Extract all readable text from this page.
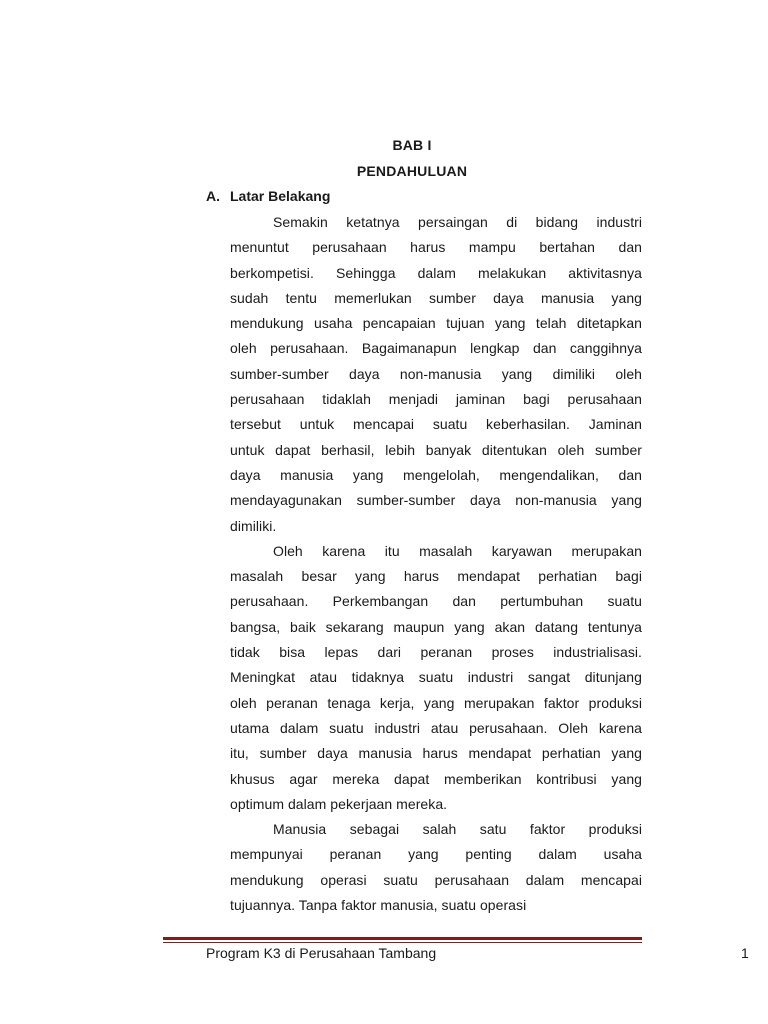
BAB I
PENDAHULUAN
A. Latar Belakang
Semakin ketatnya persaingan di bidang industri
menuntut perusahaan harus mampu bertahan dan
berkompetisi. Sehingga dalam melakukan aktivitasnya
sudah tentu memerlukan sumber daya manusia yang
mendukung usaha pencapaian tujuan yang telah ditetapkan
oleh perusahaan. Bagaimanapun lengkap dan canggihnya
sumber-sumber daya non-manusia yang dimiliki oleh
perusahaan tidaklah menjadi jaminan bagi perusahaan
tersebut untuk mencapai suatu keberhasilan. Jaminan
untuk dapat berhasil, lebih banyak ditentukan oleh sumber
daya manusia yang mengelolah, mengendalikan, dan
mendayagunakan sumber-sumber daya non-manusia yang
dimiliki.
Oleh karena itu masalah karyawan merupakan
masalah besar yang harus mendapat perhatian bagi
perusahaan. Perkembangan dan pertumbuhan suatu
bangsa, baik sekarang maupun yang akan datang tentunya
tidak bisa lepas dari peranan proses industrialisasi.
Meningkat atau tidaknya suatu industri sangat ditunjang
oleh peranan tenaga kerja, yang merupakan faktor produksi
utama dalam suatu industri atau perusahaan. Oleh karena
itu, sumber daya manusia harus mendapat perhatian yang
khusus agar mereka dapat memberikan kontribusi yang
optimum dalam pekerjaan mereka.
Manusia sebagai salah satu faktor produksi
mempunyai peranan yang penting dalam usaha
mendukung operasi suatu perusahaan dalam mencapai
tujuannya. Tanpa faktor manusia, suatu operasi
Program K3 di Perusahaan Tambang	1
